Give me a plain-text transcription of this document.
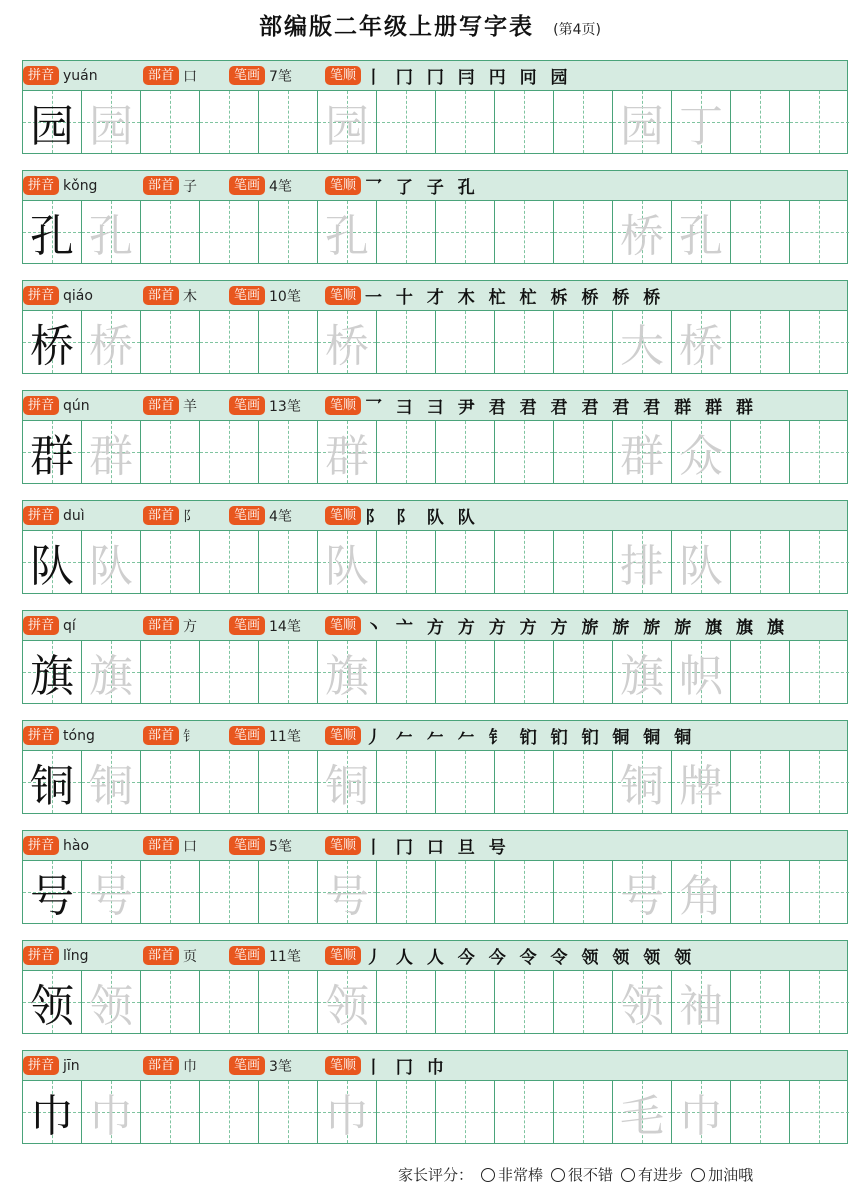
部编版二年级上册写字表 (第4页)
拼音 yuán	部首 口	笔画 7笔	笔顺 丨 冂 冂 冃 円 冋 园
园 园	园	园 丁
拼音 kǒng	部首 子	笔画 4笔	笔顺 乛 了 子 孔
孔 孔	孔	桥 孔
拼音 qiáo	部首 木	笔画 10笔	笔顺 一 十 才 木 杧 杧 柝 桥 桥 桥
桥 桥	桥	大 桥
拼音 qún	部首 羊	笔画 13笔	笔顺 乛 ⺕ 彐 尹 君 君 君 君 君 君 群 群 群
群 群	群	群 众
拼音 duì	部首 阝	笔画 4笔	笔顺 阝 阝 队 队
队 队	队	排 队
拼音 qí	部首 方	笔画 14笔	笔顺 丶 亠 方 方 方 方 方 旂 旂 旂 旂 旗 旗 旗
旗 旗	旗	旗 帜
拼音 tóng	部首 钅	笔画 11笔	笔顺 丿 𠂉 𠂉 𠂉 钅 钔 钔 钔 铜 铜 铜
铜 铜	铜	铜 牌
拼音 hào	部首 口	笔画 5笔	笔顺 丨 冂 口 旦 号
号 号	号	号 角
拼音 lǐng	部首 页	笔画 11笔	笔顺 丿 人 人 今 今 令 令 领 领 领 领
领 领	领	领 袖
拼音 jīn	部首 巾	笔画 3笔	笔顺 丨 冂 巾
巾 巾	巾	毛 巾
家长评分： 非常棒 很不错 有进步 加油哦
